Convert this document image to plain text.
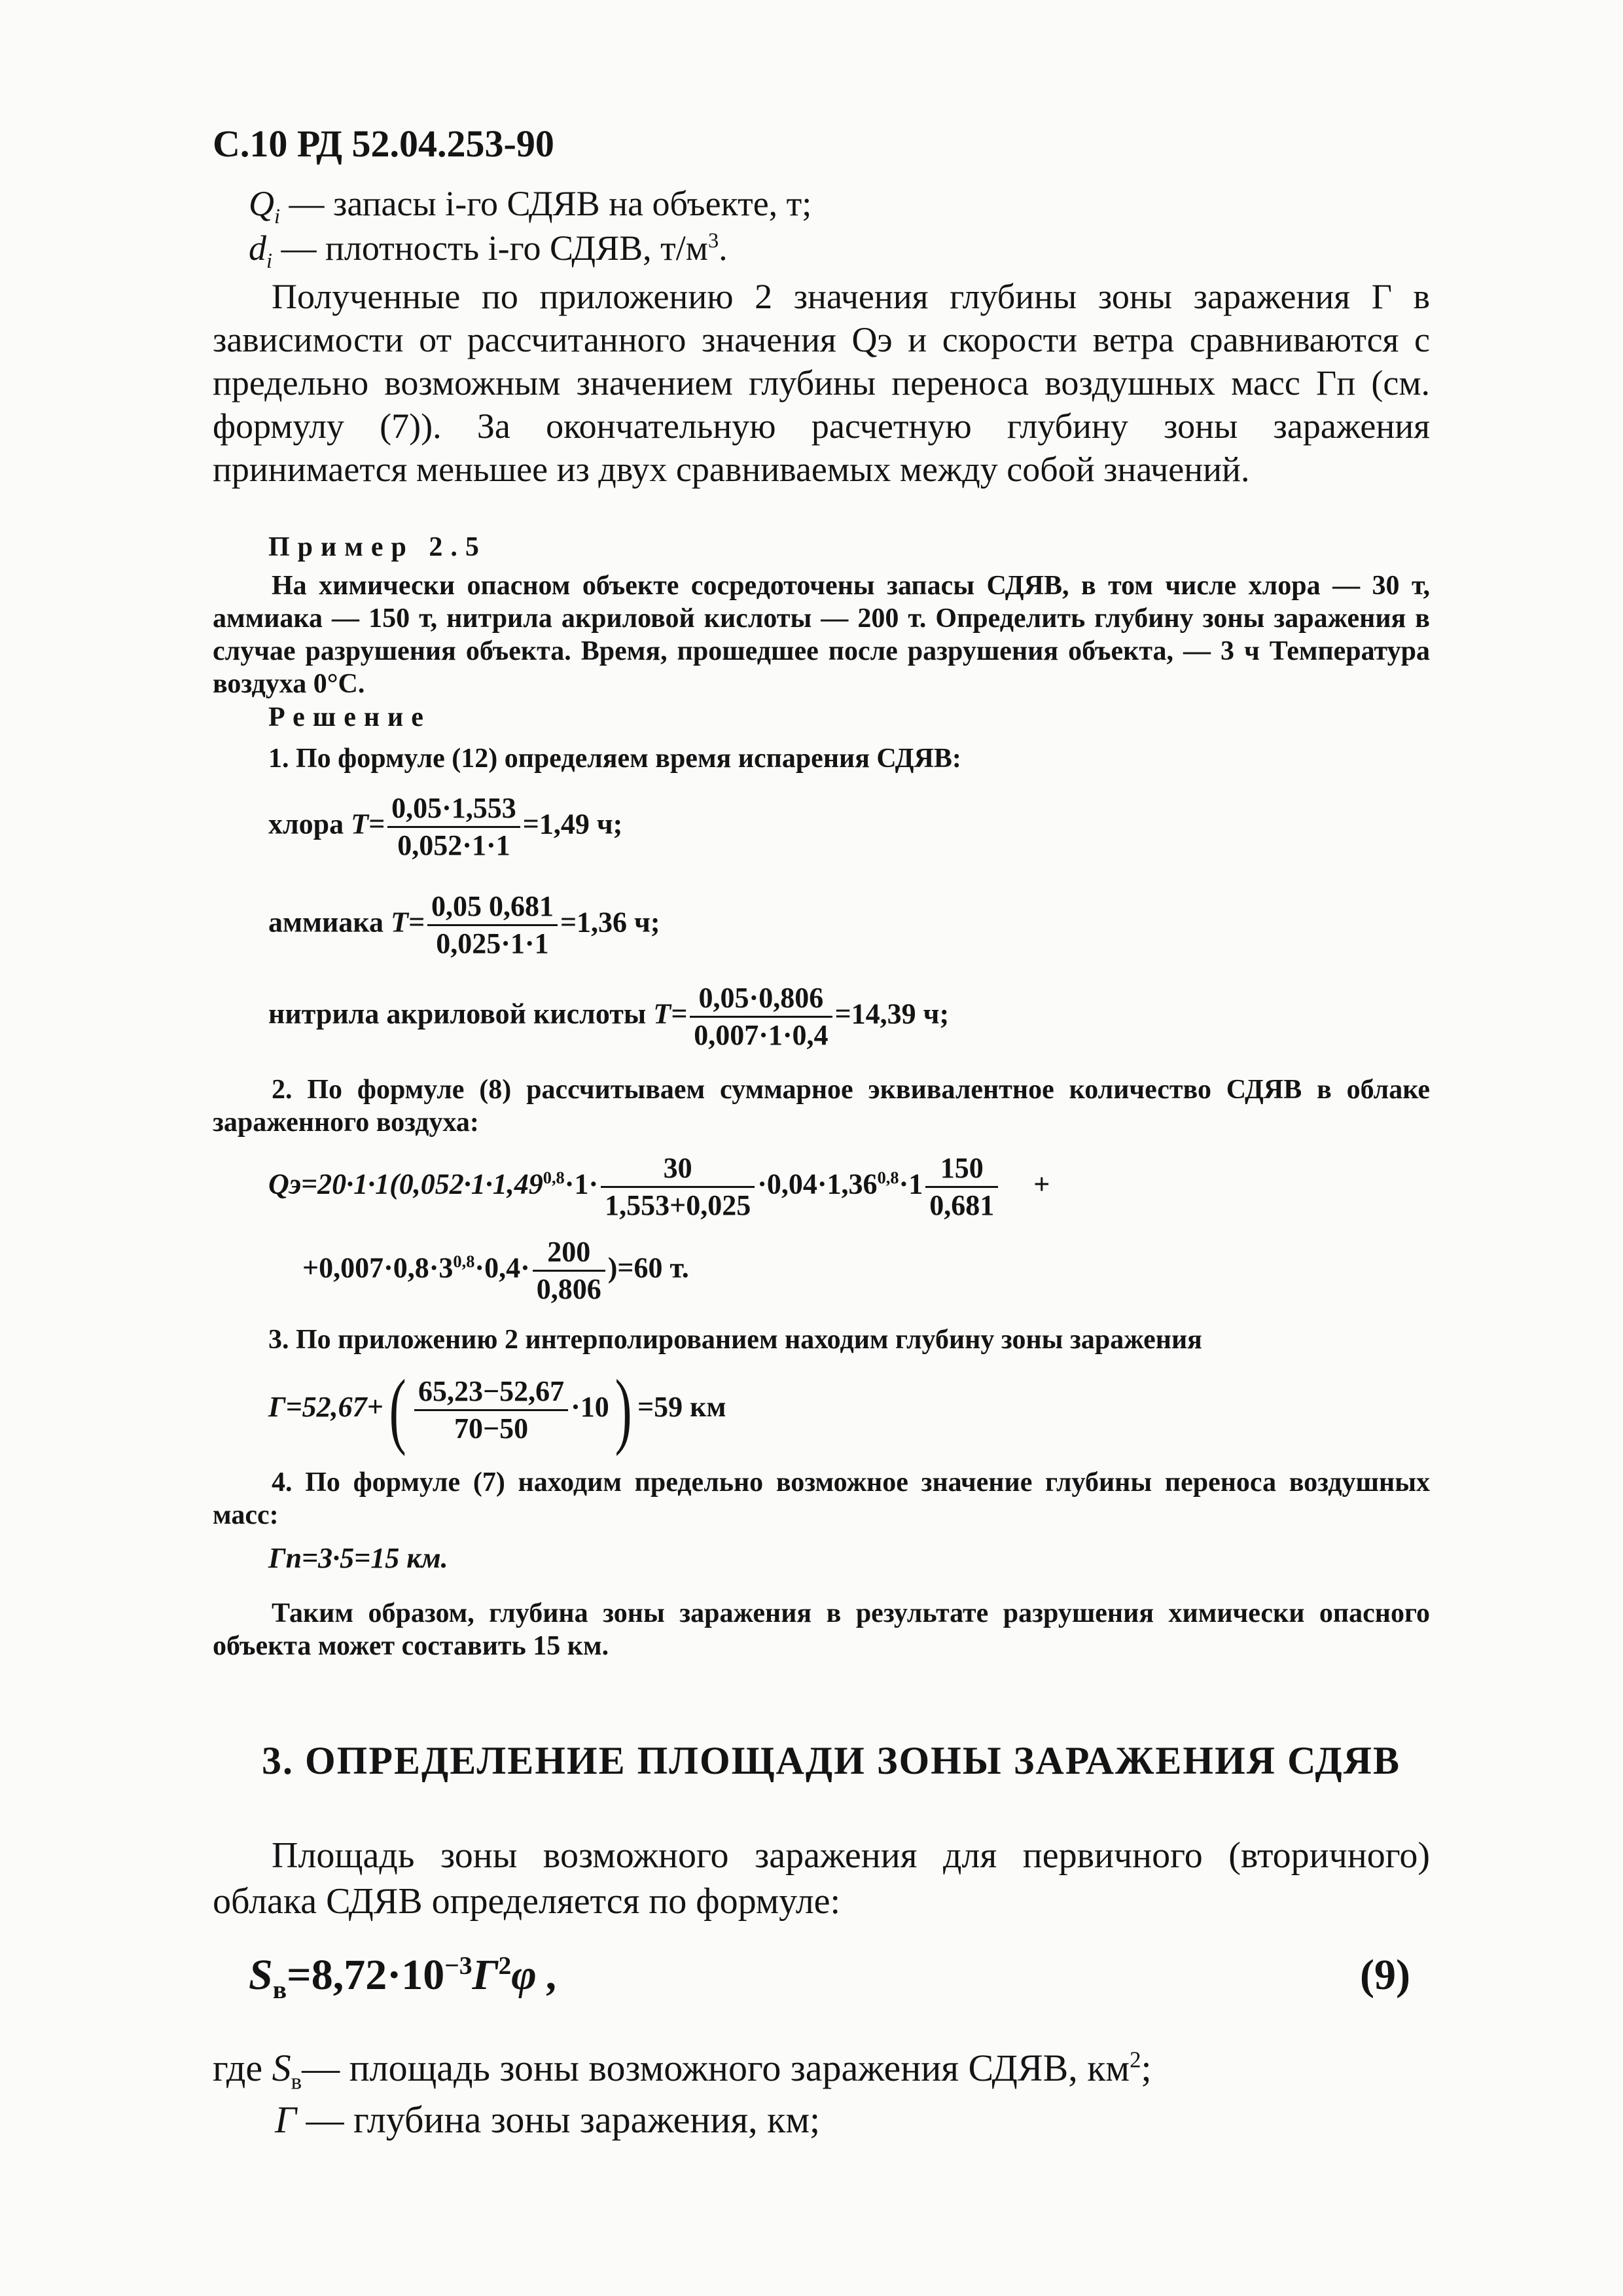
С.10 РД 52.04.253-90
$Q_i$ — запасы i-го СДЯВ на объекте, т;
$d_i$ — плотность i-го СДЯВ, $т/м^3$.
Полученные по приложению 2 значения глубины зоны заражения Г в зависимости от рассчитанного значения Qэ и скорости ветра сравниваются с предельно возможным значением глубины переноса воздушных масс Гп (см. формулу (7)). За окончательную расчетную глубину зоны заражения принимается меньшее из двух сравниваемых между собой значений.
Пример 2.5
На химически опасном объекте сосредоточены запасы СДЯВ, в том числе хлора — 30 т, аммиака — 150 т, нитрила акриловой кислоты — 200 т. Определить глубину зоны заражения в случае разрушения объекта. Время, прошедшее после разрушения объекта, — 3 ч Температура воздуха 0°С.
Решение
1. По формуле (12) определяем время испарения СДЯВ:
хлора $T= \frac{0,05\cdot 1,553}{0,052\cdot 1\cdot 1} =1,49$ ч;
аммиака $T= \frac{0,05 0,681}{0,025\cdot 1\cdot 1} =1,36$ ч;
нитрила акриловой кислоты $T= \frac{0,05\cdot 0,806}{0,007\cdot 1\cdot 0,4} =14,39$ ч;
2. По формуле (8) рассчитываем суммарное эквивалентное количество СДЯВ в облаке зараженного воздуха:
$Qэ=20\cdot 1\cdot 1(0,052\cdot 1\cdot 1,49^{0,8}\cdot 1\cdot \frac{30}{1,553+0,025} \cdot 0,04\cdot 1,36^{0,8}\cdot 1 \frac{150}{0,681}$ +
$+0,007\cdot 0,8\cdot 3^{0,8}\cdot 0,4\cdot \frac{200}{0,806} )=60$ т.
3. По приложению 2 интерполированием находим глубину зоны заражения
$Г=52,67+( \frac{65,23-52,67}{70-50} \cdot 10) =59$ км
4. По формуле (7) находим предельно возможное значение глубины переноса воздушных масс:
Гп=3·5=15 км.
Таким образом, глубина зоны заражения в результате разрушения химически опасного объекта может составить 15 км.
3. ОПРЕДЕЛЕНИЕ ПЛОЩАДИ ЗОНЫ ЗАРАЖЕНИЯ СДЯВ
Площадь зоны возможного заражения для первичного (вторичного) облака СДЯВ определяется по формуле:
$S_в=8,72\cdot 10^{-3}Г^2\varphi$ ,	(9)
где $S_в—$ площадь зоны возможного заражения СДЯВ, $км^2$;
Г — глубина зоны заражения, км;
